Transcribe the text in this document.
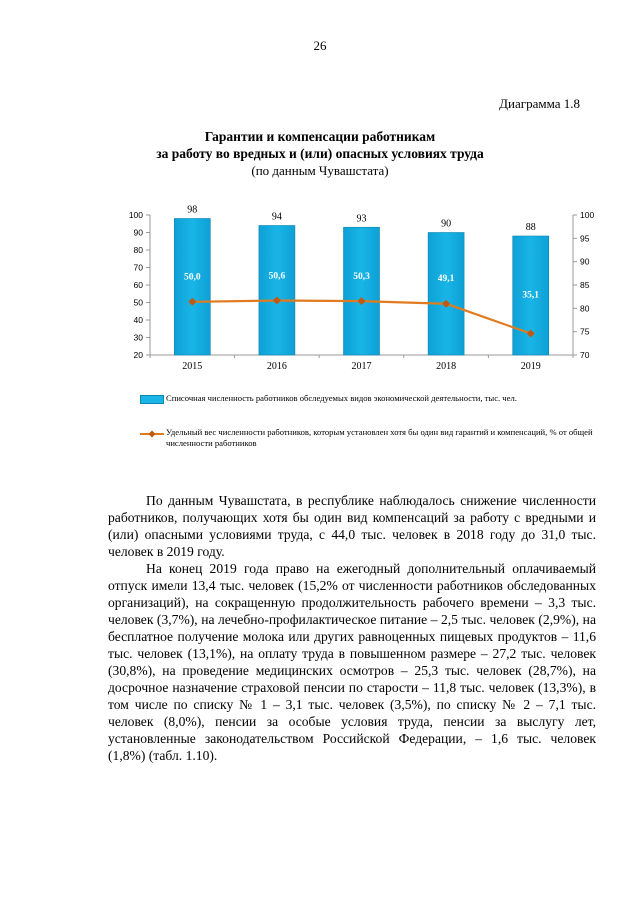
26
Диаграмма 1.8
Гарантии и компенсации работникам
за работу во вредных и (или) опасных условиях труда
(по данным Чувашстата)
20
30
40
50
60
70
80
90
100
70
75
80
85
90
95
100
98
94	93	90	88
2015	2016	2017	2018	2019
50,0	50,6	50,3	49,1
35,1
Списочная численность работников обследуемых видов экономической деятельности, тыс. чел.
Удельный вес численности работников, которым установлен хотя бы один вид гарантий и компенсаций, % от общей численности работников

По данным Чувашстата, в республике наблюдалось снижение численности работников, получающих хотя бы один вид компенсаций за работу с вредными и (или) опасными условиями труда, с 44,0 тыс. человек в 2018 году до 31,0 тыс. человек в 2019 году.

На конец 2019 года право на ежегодный дополнительный оплачиваемый отпуск имели 13,4 тыс. человек (15,2% от численности работников обследованных организаций), на сокращенную продолжительность рабочего времени – 3,3 тыс. человек (3,7%), на лечебно-профилактическое питание – 2,5 тыс. человек (2,9%), на бесплатное получение молока или других равноценных пищевых продуктов – 11,6 тыс. человек (13,1%), на оплату труда в повышенном размере – 27,2 тыс. человек (30,8%), на проведение медицинских осмотров – 25,3 тыс. человек (28,7%), на досрочное назначение страховой пенсии по старости – 11,8 тыс. человек (13,3%), в том числе по списку № 1 – 3,1 тыс. человек (3,5%), по списку № 2 – 7,1 тыс. человек (8,0%), пенсии за особые условия труда, пенсии за выслугу лет, установленные законодательством Российской Федерации, – 1,6 тыс. человек (1,8%) (табл. 1.10).
